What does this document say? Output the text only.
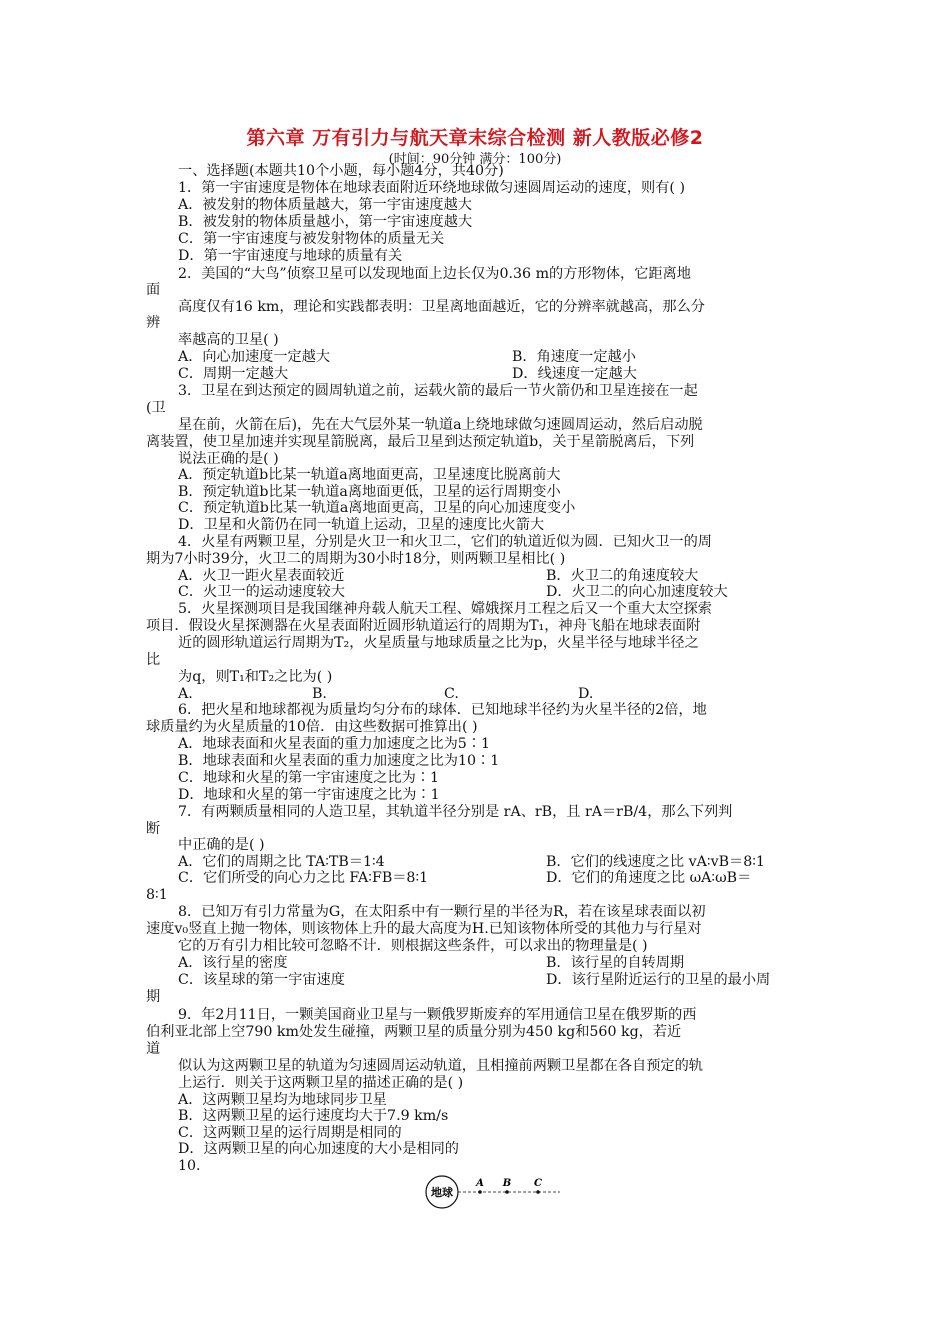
第六章 万有引力与航天章末综合检测 新人教版必修2
(时间：90分钟 满分：100分)
一、选择题(本题共10个小题，每小题4分，共40分)
1．第一宇宙速度是物体在地球表面附近环绕地球做匀速圆周运动的速度，则有( )
A．被发射的物体质量越大，第一宇宙速度越大
B．被发射的物体质量越小，第一宇宙速度越大
C．第一宇宙速度与被发射物体的质量无关
D．第一宇宙速度与地球的质量有关
2．美国的“大鸟”侦察卫星可以发现地面上边长仅为0.36 m的方形物体，它距离地
面
高度仅有16 km，理论和实践都表明：卫星离地面越近，它的分辨率就越高，那么分
辨
率越高的卫星( )
A．向心加速度一定越大	B．角速度一定越小
C．周期一定越大	D．线速度一定越大
3．卫星在到达预定的圆周轨道之前，运载火箭的最后一节火箭仍和卫星连接在一起
(卫
星在前，火箭在后)，先在大气层外某一轨道a上绕地球做匀速圆周运动，然后启动脱
离装置，使卫星加速并实现星箭脱离，最后卫星到达预定轨道b，关于星箭脱离后，下列
说法正确的是( )
A．预定轨道b比某一轨道a离地面更高，卫星速度比脱离前大
B．预定轨道b比某一轨道a离地面更低，卫星的运行周期变小
C．预定轨道b比某一轨道a离地面更高，卫星的向心加速度变小
D．卫星和火箭仍在同一轨道上运动，卫星的速度比火箭大
4．火星有两颗卫星，分别是火卫一和火卫二，它们的轨道近似为圆．已知火卫一的周
期为7小时39分，火卫二的周期为30小时18分，则两颗卫星相比( )
A．火卫一距火星表面较近	B．火卫二的角速度较大
C．火卫一的运动速度较大	D．火卫二的向心加速度较大
5．火星探测项目是我国继神舟载人航天工程、嫦娥探月工程之后又一个重大太空探索
项目．假设火星探测器在火星表面附近圆形轨道运行的周期为T₁，神舟飞船在地球表面附
近的圆形轨道运行周期为T₂，火星质量与地球质量之比为p，火星半径与地球半径之
比
为q，则T₁和T₂之比为( )
A.	B.	C.	D.
6．把火星和地球都视为质量均匀分布的球体．已知地球半径约为火星半径的2倍，地
球质量约为火星质量的10倍．由这些数据可推算出( )
A．地球表面和火星表面的重力加速度之比为5∶1
B．地球表面和火星表面的重力加速度之比为10∶1
C．地球和火星的第一宇宙速度之比为∶1
D．地球和火星的第一宇宙速度之比为∶1
7．有两颗质量相同的人造卫星，其轨道半径分别是 rA、rB，且 rA＝rB/4，那么下列判
断
中正确的是( )
A．它们的周期之比 TA∶TB＝1∶4	B．它们的线速度之比 vA∶vB＝8∶1
C．它们所受的向心力之比 FA∶FB＝8∶1	D．它们的角速度之比 ωA∶ωB＝
8∶1
8．已知万有引力常量为G，在太阳系中有一颗行星的半径为R，若在该星球表面以初
速度v₀竖直上抛一物体，则该物体上升的最大高度为H.已知该物体所受的其他力与行星对
它的万有引力相比较可忽略不计．则根据这些条件，可以求出的物理量是( )
A．该行星的密度	B．该行星的自转周期
C．该星球的第一宇宙速度	D．该行星附近运行的卫星的最小周
期
9．年2月11日，一颗美国商业卫星与一颗俄罗斯废弃的军用通信卫星在俄罗斯的西
伯利亚北部上空790 km处发生碰撞，两颗卫星的质量分别为450 kg和560 kg，若近
道
似认为这两颗卫星的轨道为匀速圆周运动轨道，且相撞前两颗卫星都在各自预定的轨
上运行．则关于这两颗卫星的描述正确的是( )
A．这两颗卫星均为地球同步卫星
B．这两颗卫星的运行速度均大于7.9 km/s
C．这两颗卫星的运行周期是相同的
D．这两颗卫星的向心加速度的大小是相同的
10.
地球
A B C
